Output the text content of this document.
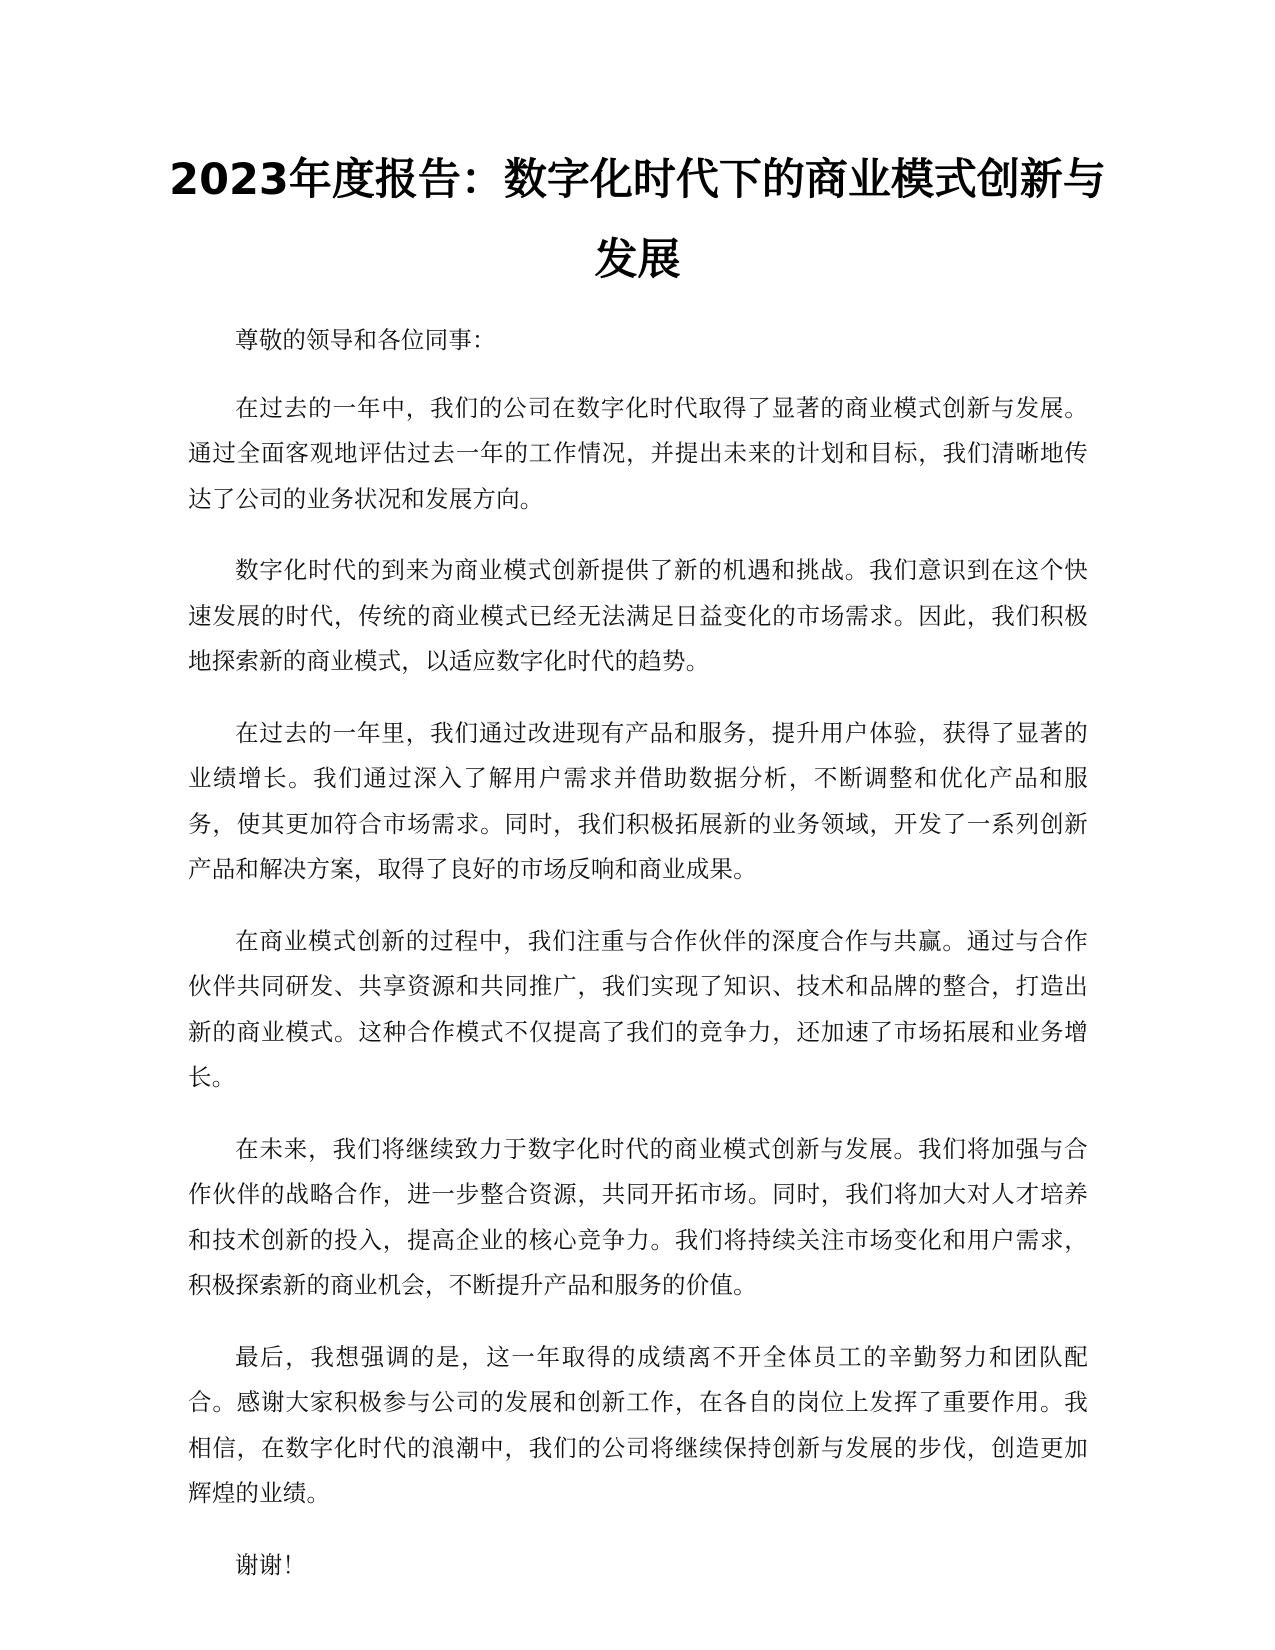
2023年度报告：数字化时代下的商业模式创新与发展

尊敬的领导和各位同事：

在过去的一年中，我们的公司在数字化时代取得了显著的商业模式创新与发展。通过全面客观地评估过去一年的工作情况，并提出未来的计划和目标，我们清晰地传达了公司的业务状况和发展方向。

数字化时代的到来为商业模式创新提供了新的机遇和挑战。我们意识到在这个快速发展的时代，传统的商业模式已经无法满足日益变化的市场需求。因此，我们积极地探索新的商业模式，以适应数字化时代的趋势。

在过去的一年里，我们通过改进现有产品和服务，提升用户体验，获得了显著的业绩增长。我们通过深入了解用户需求并借助数据分析，不断调整和优化产品和服务，使其更加符合市场需求。同时，我们积极拓展新的业务领域，开发了一系列创新产品和解决方案，取得了良好的市场反响和商业成果。

在商业模式创新的过程中，我们注重与合作伙伴的深度合作与共赢。通过与合作伙伴共同研发、共享资源和共同推广，我们实现了知识、技术和品牌的整合，打造出新的商业模式。这种合作模式不仅提高了我们的竞争力，还加速了市场拓展和业务增长。

在未来，我们将继续致力于数字化时代的商业模式创新与发展。我们将加强与合作伙伴的战略合作，进一步整合资源，共同开拓市场。同时，我们将加大对人才培养和技术创新的投入，提高企业的核心竞争力。我们将持续关注市场变化和用户需求，积极探索新的商业机会，不断提升产品和服务的价值。

最后，我想强调的是，这一年取得的成绩离不开全体员工的辛勤努力和团队配合。感谢大家积极参与公司的发展和创新工作，在各自的岗位上发挥了重要作用。我相信，在数字化时代的浪潮中，我们的公司将继续保持创新与发展的步伐，创造更加辉煌的业绩。

谢谢！
